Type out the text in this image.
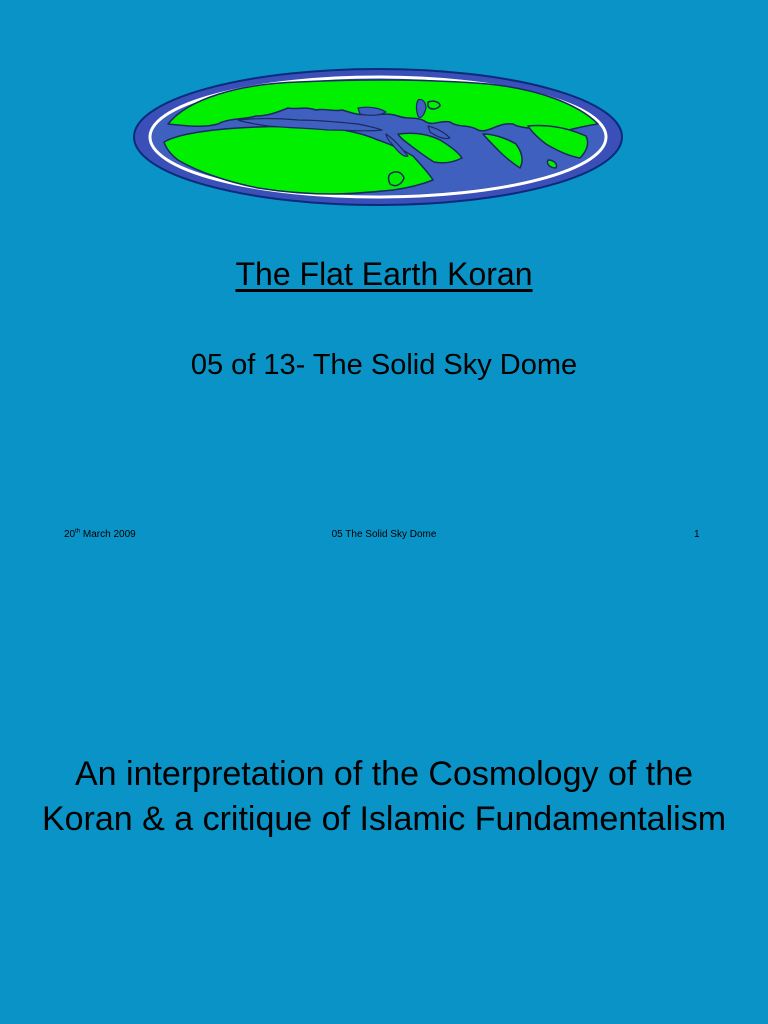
The Flat Earth Koran

05 of 13- The Solid Sky Dome

20th March 2009	05 The Solid Sky Dome	1

An interpretation of the Cosmology of the Koran & a critique of Islamic Fundamentalism
